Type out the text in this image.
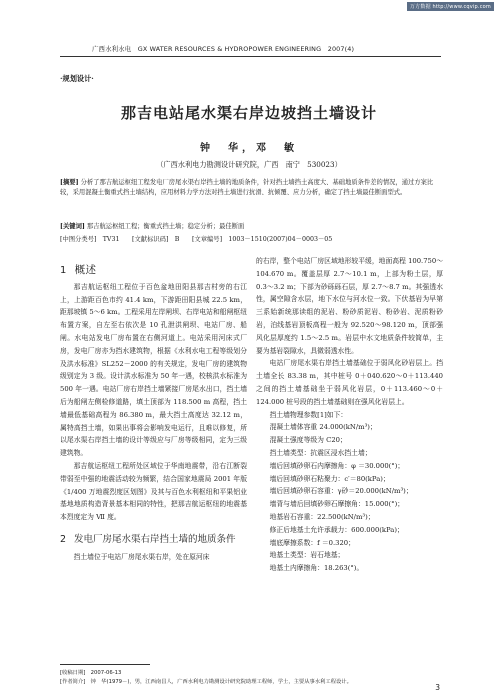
万方数据 http://www.cqvip.com
广西水利水电　GX WATER RESOURCES & HYDROPOWER ENGINEERING　2007(4)
·规划设计·
那吉电站尾水渠右岸边坡挡土墙设计
钟　华，邓　敏
（广西水利电力勘测设计研究院，广西　南宁　530023）
[摘要] 分析了那吉航运枢纽工程发电厂房尾水渠右岸挡土墙的地质条件，针对挡土墙挡土高度大、基础地质条件差的情况，通过方案比较，采用混凝土衡重式挡土墙结构，应用材料力学方法对挡土墙进行抗滑、抗倾覆、应力分析，确定了挡土墙最佳断面型式。
[关键词] 那吉航运枢纽工程；衡重式挡土墙；稳定分析；最佳断面
[中图分类号]　TV31　　[文献标识码]　B　　[文章编号]　1003－1510(2007)04－0003－05
1 概述

那吉航运枢纽工程位于百色盆地田阳县那吉村旁的右江上，上游距百色市约 41.4 km，下游距田阳县城 22.5 km，距那坡镇 5～6 km。工程采用左岸闸坝、右岸电站和船闸枢纽布置方案，自左至右依次是 10 孔泄洪闸坝、电站厂房、船闸。水电站发电厂房布置在右侧河道上。电站采用河床式厂房，发电厂房亦为挡水建筑物，根据《水利水电工程等级划分及洪水标准》SL252－2000 的有关规定，发电厂房的建筑物级别定为 3 级。设计洪水标准为 50 年一遇，校核洪水标准为 500 年一遇。电站厂房右岸挡土墙紧接厂房尾水出口，挡土墙后为船闸左侧检修道路，填土顶部为 118.500 m 高程，挡土墙最低基础高程为 86.380 m，最大挡土高度达 32.12 m，属特高挡土墙，如果出事将会影响发电运行，且难以修复，所以尾水渠右岸挡土墙的设计等级应与厂房等级相同，定为三级建筑物。

那吉航运枢纽工程所处区域位于华南地震带，沿右江断裂带弱至中强的地震活动较为频繁，结合国家地震局 2001 年版《1/400 万地震烈度区划图》及其与百色水利枢纽和平果铝业基地地质构造背景基本相同的特性，把那吉航运枢纽的地震基本烈度定为 Ⅶ 度。

2 发电厂房尾水渠右岸挡土墙的地质条件

挡土墙位于电站厂房尾水渠右岸，处在原河床

的右岸，整个电站厂房区域地形较平缓，地面高程 100.750～104.670 m。覆盖层厚 2.7～10.1 m，上部为粉土层，厚 0.3～3.2 m；下部为砂砾砾石层，厚 2.7～8.7 m。其强透水性，属空隙含水层，地下水位与河水位一致。下伏基岩为早第三系始新统那读组的泥岩、粉砂质泥岩、粉砂岩、泥质粉砂岩，泊线基岩顶板高程一般为 92.520～98.120 m，顶部强风化层厚度约 1.5～2.5 m。岩层中水文地质条件较简单，主要为基岩裂隙水，具微弱透水性。

电站厂房尾水渠右岸挡土墙基础位于弱风化砂岩层上。挡土墙全长 83.38 m，其中桩号 0＋040.620～0＋113.440 之间的挡土墙基础坐于弱风化岩层，0＋113.460～0＋124.000 桩号段的挡土墙基础则在强风化岩层上。

挡土墙物理参数[1]如下：

混凝土墙体容重 24.000(kN/m³)；

混凝土强度等级为 C20；

挡土墙类型：抗震区浸水挡土墙；

墙后回填砂卵石内摩擦角：φ ＝30.000(°)；

墙后回填砂卵石粘聚力：c′＝80(kPa)；

墙后回填砂卵石容重：γ砂＝20.000(kN/m³)；

墙背与墙后回填砂卵石摩擦角：15.000(°)；

地基岩石容重：22.500(kN/m³)；

修正后地基土允许承载力：600.000(kPa)；

墙底摩擦系数：f ＝0.320；

地基土类型：岩石地基；

地基土内摩擦角：18.263(°)。

[收稿日期]　2007-06-13
[作者简介]　钟　华(1979－)，男，江西南昌人，广西水利电力勘测设计研究院助理工程师，学士，主要从事水利工程设计。
3
